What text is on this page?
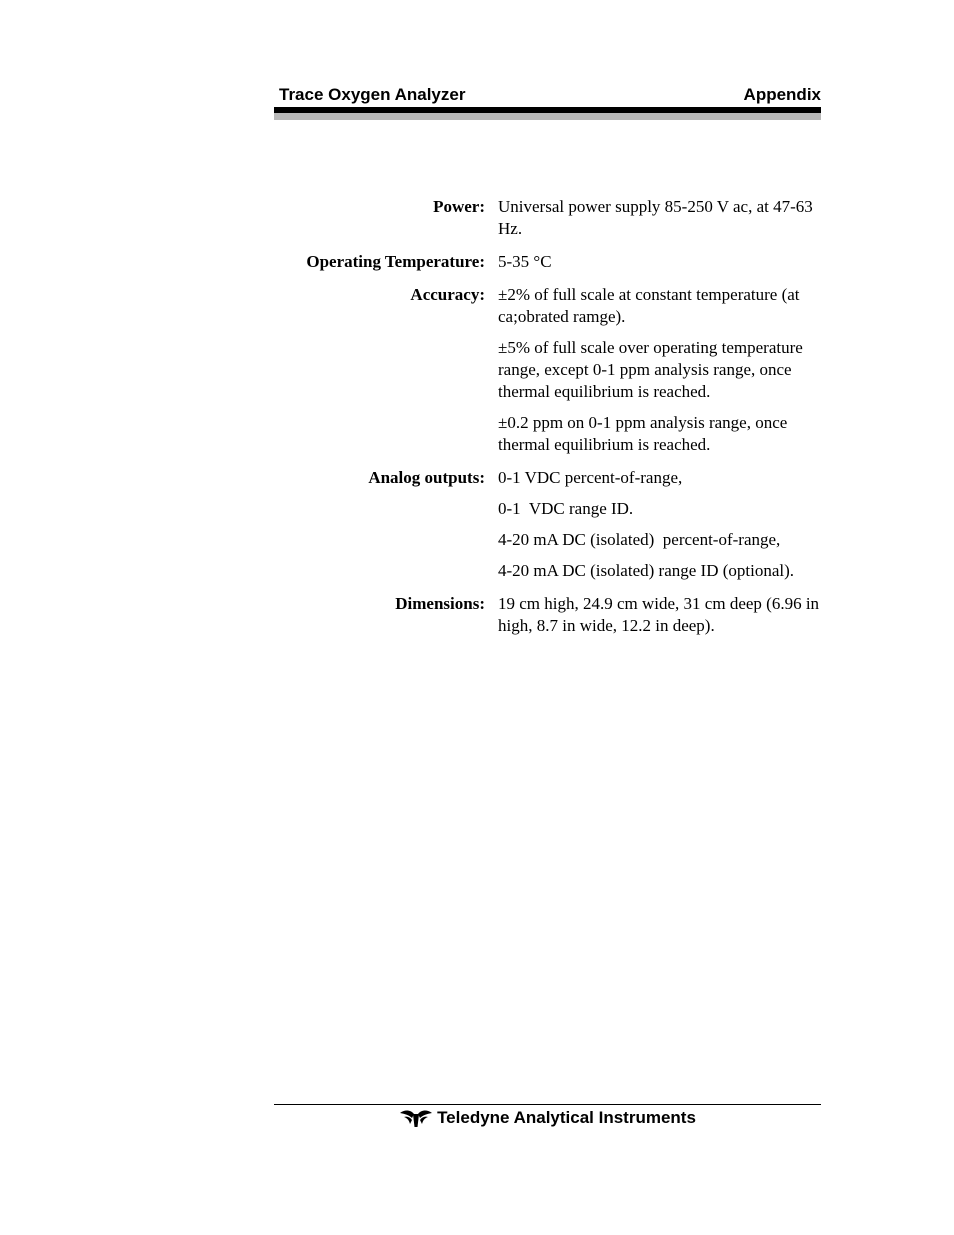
Trace Oxygen Analyzer	Appendix
Power: Universal power supply 85-250 V ac, at 47-63 Hz.
Operating Temperature: 5-35 °C
Accuracy: ±2% of full scale at constant temperature (at ca;obrated ramge).
±5% of full scale over operating temperature range, except 0-1 ppm analysis range, once thermal equilibrium is reached.
±0.2 ppm on 0-1 ppm analysis range, once thermal equilibrium is reached.
Analog outputs: 0-1 VDC percent-of-range,
0-1  VDC range ID.
4-20 mA DC (isolated)  percent-of-range,
4-20 mA DC (isolated) range ID (optional).
Dimensions: 19 cm high, 24.9 cm wide, 31 cm deep (6.96 in high, 8.7 in wide, 12.2 in deep).
Teledyne Analytical Instruments
